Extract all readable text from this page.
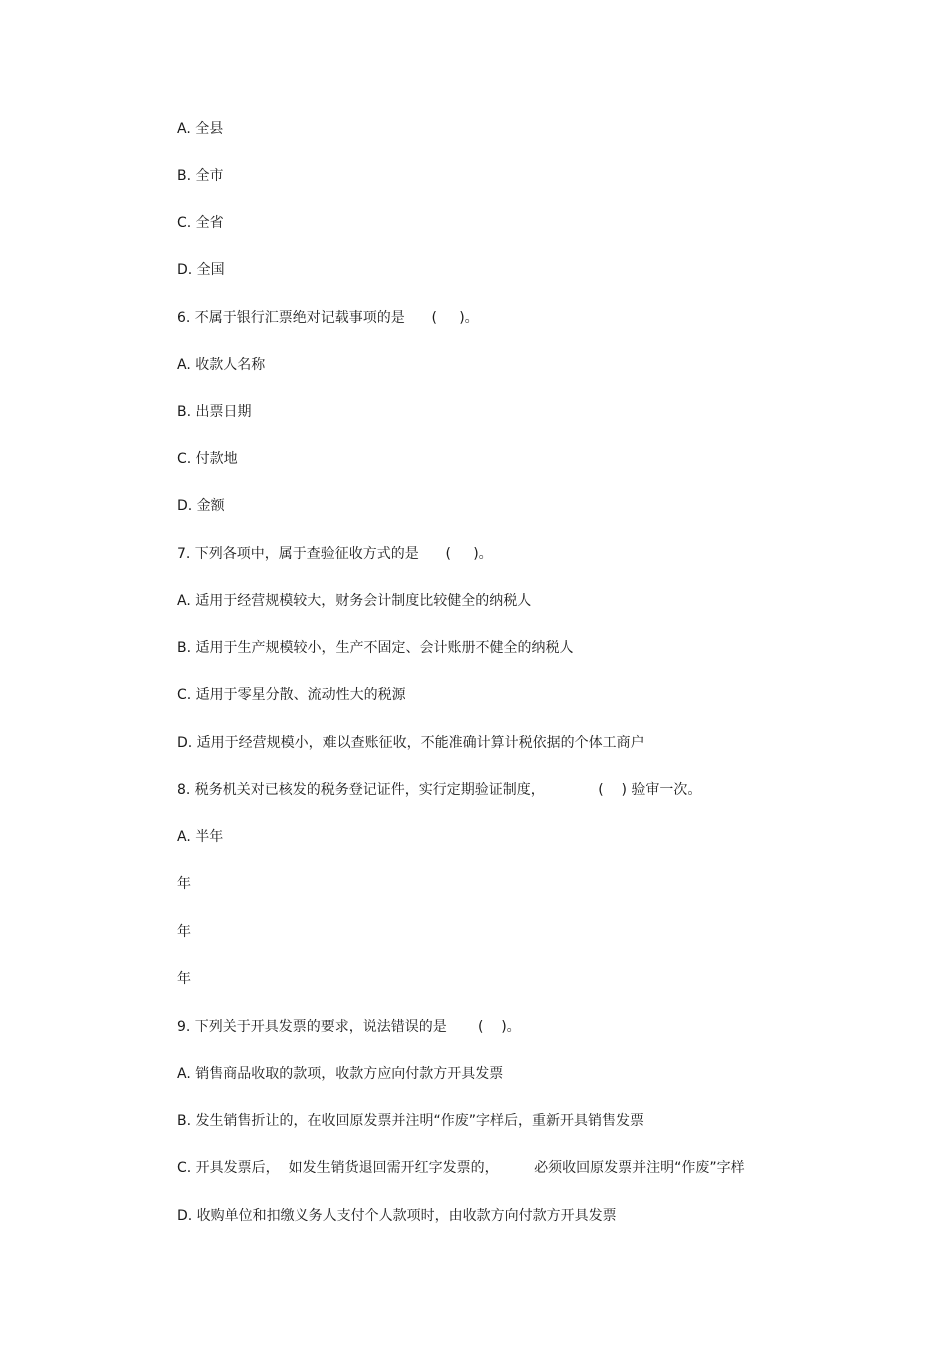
A. 全县

B. 全市

C. 全省

D. 全国

6. 不属于银行汇票绝对记载事项的是      (     )。

A. 收款人名称

B. 出票日期

C. 付款地

D. 金额

7. 下列各项中，属于查验征收方式的是      (     )。

A. 适用于经营规模较大，财务会计制度比较健全的纳税人

B. 适用于生产规模较小，生产不固定、会计账册不健全的纳税人

C. 适用于零星分散、流动性大的税源

D. 适用于经营规模小，难以查账征收，不能准确计算计税依据的个体工商户

8. 税务机关对已核发的税务登记证件，实行定期验证制度，            (    ) 验审一次。

A. 半年

年

年

年

9. 下列关于开具发票的要求，说法错误的是       (    )。

A. 销售商品收取的款项，收款方应向付款方开具发票

B. 发生销售折让的，在收回原发票并注明“作废”字样后，重新开具销售发票

C. 开具发票后，  如发生销货退回需开红字发票的，        必须收回原发票并注明“作废”字样

D. 收购单位和扣缴义务人支付个人款项时，由收款方向付款方开具发票
